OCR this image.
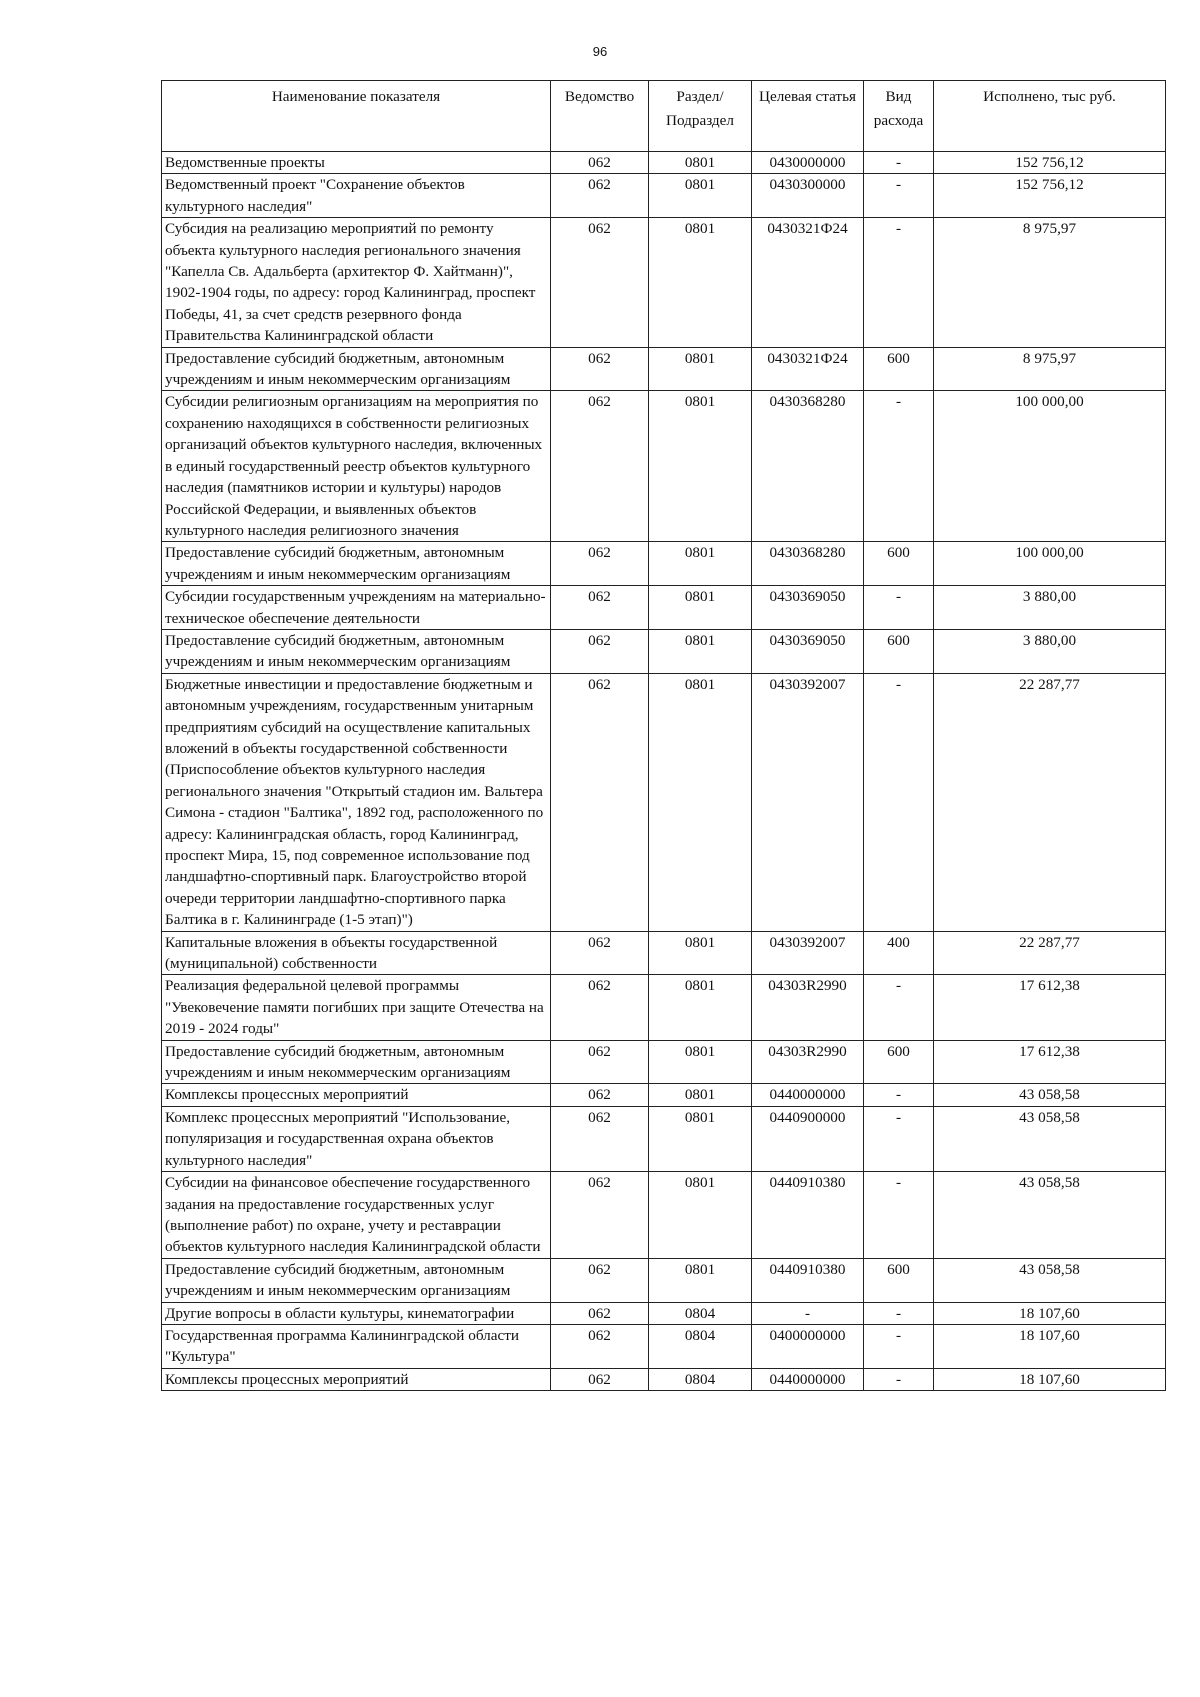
96
Наименование показателя	Ведомство	Раздел/ Подраздел	Целевая статья	Вид расхода	Исполнено, тыс руб.
Ведомственные проекты	062	0801	0430000000	-	152 756,12
Ведомственный проект "Сохранение объектов культурного наследия"	062	0801	0430300000	-	152 756,12
Субсидия на реализацию мероприятий по ремонту объекта культурного наследия регионального значения "Капелла Св. Адальберта (архитектор Ф. Хайтманн)", 1902-1904 годы, по адресу: город Калининград, проспект Победы, 41, за счет средств резервного фонда Правительства Калининградской области	062	0801	0430321Ф24	-	8 975,97
Предоставление субсидий бюджетным, автономным учреждениям и иным некоммерческим организациям	062	0801	0430321Ф24	600	8 975,97
Субсидии религиозным организациям на мероприятия по сохранению находящихся в собственности религиозных организаций объектов культурного наследия, включенных в единый государственный реестр объектов культурного наследия (памятников истории и культуры) народов Российской Федерации, и выявленных объектов культурного наследия религиозного значения	062	0801	0430368280	-	100 000,00
Предоставление субсидий бюджетным, автономным учреждениям и иным некоммерческим организациям	062	0801	0430368280	600	100 000,00
Субсидии государственным учреждениям на материально-техническое обеспечение деятельности	062	0801	0430369050	-	3 880,00
Предоставление субсидий бюджетным, автономным учреждениям и иным некоммерческим организациям	062	0801	0430369050	600	3 880,00
Бюджетные инвестиции и предоставление бюджетным и автономным учреждениям, государственным унитарным предприятиям субсидий на осуществление капитальных вложений в объекты государственной собственности (Приспособление объектов культурного наследия регионального значения "Открытый стадион им. Вальтера Симона - стадион "Балтика", 1892 год, расположенного по адресу: Калининградская область, город Калининград, проспект Мира, 15, под современное использование под ландшафтно-спортивный парк. Благоустройство второй очереди территории ландшафтно-спортивного парка Балтика в г. Калининграде (1-5 этап)")	062	0801	0430392007	-	22 287,77
Капитальные вложения в объекты государственной (муниципальной) собственности	062	0801	0430392007	400	22 287,77
Реализация федеральной целевой программы "Увековечение памяти погибших при защите Отечества на 2019 - 2024 годы"	062	0801	04303R2990	-	17 612,38
Предоставление субсидий бюджетным, автономным учреждениям и иным некоммерческим организациям	062	0801	04303R2990	600	17 612,38
Комплексы процессных мероприятий	062	0801	0440000000	-	43 058,58
Комплекс процессных мероприятий "Использование, популяризация и государственная охрана объектов культурного наследия"	062	0801	0440900000	-	43 058,58
Субсидии на финансовое обеспечение государственного задания на предоставление государственных услуг (выполнение работ) по охране, учету и реставрации объектов культурного наследия Калининградской области	062	0801	0440910380	-	43 058,58
Предоставление субсидий бюджетным, автономным учреждениям и иным некоммерческим организациям	062	0801	0440910380	600	43 058,58
Другие вопросы в области культуры, кинематографии	062	0804	-	-	18 107,60
Государственная программа Калининградской области "Культура"	062	0804	0400000000	-	18 107,60
Комплексы процессных мероприятий	062	0804	0440000000	-	18 107,60
